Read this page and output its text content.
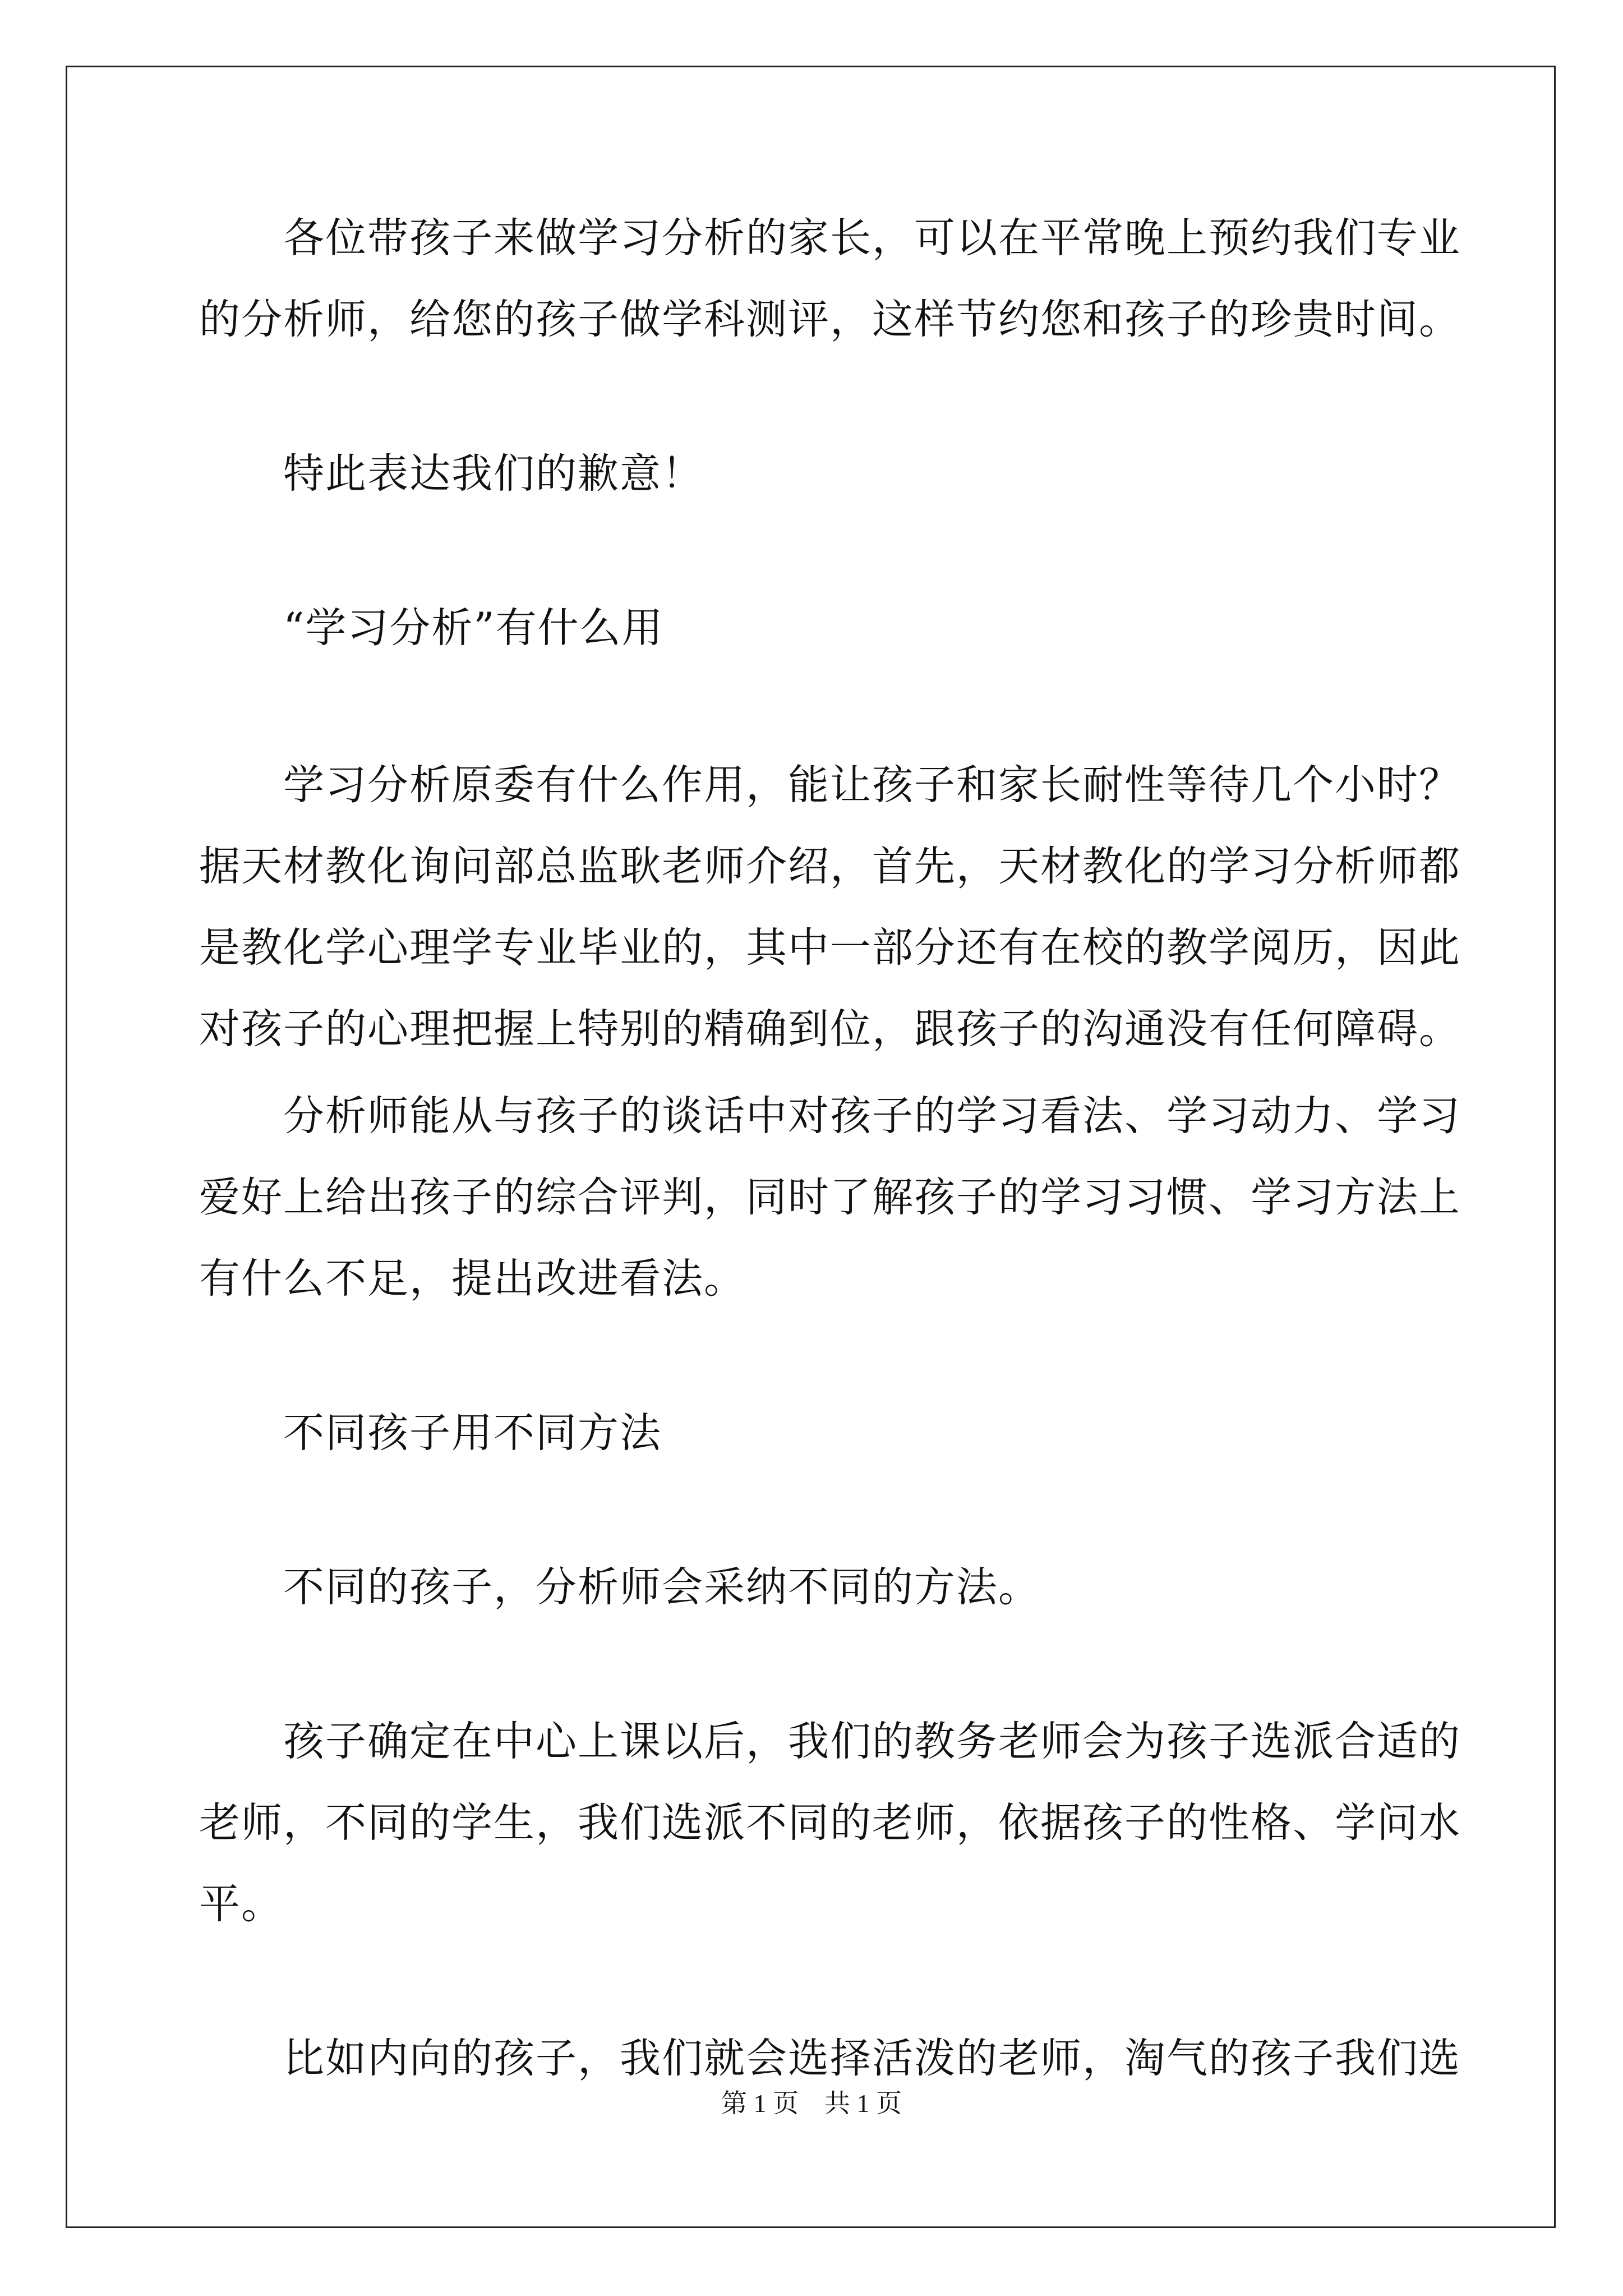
各位带孩子来做学习分析的家长，可以在平常晚上预约我们专业
的分析师，给您的孩子做学科测评，这样节约您和孩子的珍贵时间。
特此表达我们的歉意！
“学习分析”有什么用
学习分析原委有什么作用，能让孩子和家长耐性等待几个小时？
据天材教化询问部总监耿老师介绍，首先，天材教化的学习分析师都
是教化学心理学专业毕业的，其中一部分还有在校的教学阅历，因此
对孩子的心理把握上特别的精确到位，跟孩子的沟通没有任何障碍。
分析师能从与孩子的谈话中对孩子的学习看法、学习动力、学习
爱好上给出孩子的综合评判，同时了解孩子的学习习惯、学习方法上
有什么不足，提出改进看法。
不同孩子用不同方法
不同的孩子，分析师会采纳不同的方法。
孩子确定在中心上课以后，我们的教务老师会为孩子选派合适的
老师，不同的学生，我们选派不同的老师，依据孩子的性格、学问水
平。
比如内向的孩子，我们就会选择活泼的老师，淘气的孩子我们选
第 1 页　共 1 页
